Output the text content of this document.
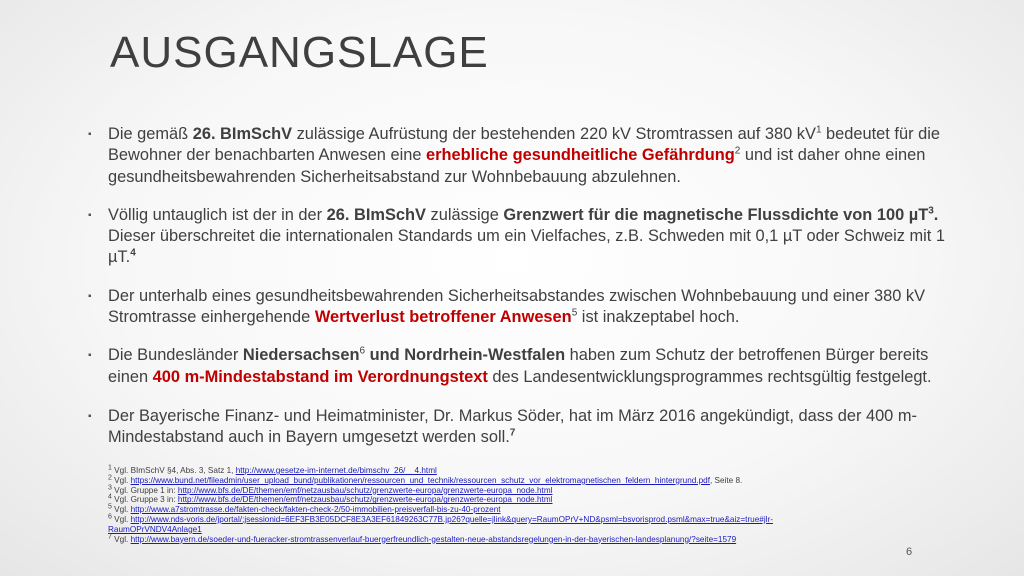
AUSGANGSLAGE
▪ Die gemäß 26. BImSchV zulässige Aufrüstung der bestehenden 220 kV Stromtrassen auf 380 $kV^1$ bedeutet für die Bewohner der benachbarten Anwesen eine erhebliche gesundheitliche Gefährdung$^2$ und ist daher ohne einen gesundheitsbewahrenden Sicherheitsabstand zur Wohnbebauung abzulehnen.
▪ Völlig untauglich ist der in der 26. BImSchV zulässige Grenzwert für die magnetische Flussdichte von 100 µT$^3$. Dieser überschreitet die internationalen Standards um ein Vielfaches, z.B. Schweden mit 0,1 µT oder Schweiz mit 1 µT.$^4$
▪ Der unterhalb eines gesundheitsbewahrenden Sicherheitsabstandes zwischen Wohnbebauung und einer 380 kV Stromtrasse einhergehende Wertverlust betroffener Anwesen$^5$ ist inakzeptabel hoch.
▪ Die Bundesländer Niedersachsen$^6$ und Nordrhein-Westfalen haben zum Schutz der betroffenen Bürger bereits einen 400 m-Mindestabstand im Verordnungstext des Landesentwicklungsprogrammes rechtsgültig festgelegt.
▪ Der Bayerische Finanz- und Heimatminister, Dr. Markus Söder, hat im März 2016 angekündigt, dass der 400 m-Mindestabstand auch in Bayern umgesetzt werden soll.$^7$
1 Vgl. BImSchV §4, Abs. 3, Satz 1, http://www.gesetze-im-internet.de/bimschv_26/__4.html
2 Vgl. https://www.bund.net/fileadmin/user_upload_bund/publikationen/ressourcen_und_technik/ressourcen_schutz_vor_elektromagnetischen_feldern_hintergrund.pdf, Seite 8.
3 Vgl. Gruppe 1 in: http://www.bfs.de/DE/themen/emf/netzausbau/schutz/grenzwerte-europa/grenzwerte-europa_node.html
4 Vgl. Gruppe 3 in: http://www.bfs.de/DE/themen/emf/netzausbau/schutz/grenzwerte-europa/grenzwerte-europa_node.html
5 Vgl. http://www.a7stromtrasse.de/fakten-check/fakten-check-2/50-immobilien-preisverfall-bis-zu-40-prozent
6 Vgl. http://www.nds-voris.de/jportal/;jsessionid=6EF3FB3E05DCF8E3A3EF61849263C77B.jp26?quelle=jlink&query=RaumOPrV+ND&psml=bsvorisprod.psml&max=true&aiz=true#jlr-
RaumOPrVNDV4Anlage1
7 Vgl. http://www.bayern.de/soeder-und-fueracker-stromtrassenverlauf-buergerfreundlich-gestalten-neue-abstandsregelungen-in-der-bayerischen-landesplanung/?seite=1579
6
